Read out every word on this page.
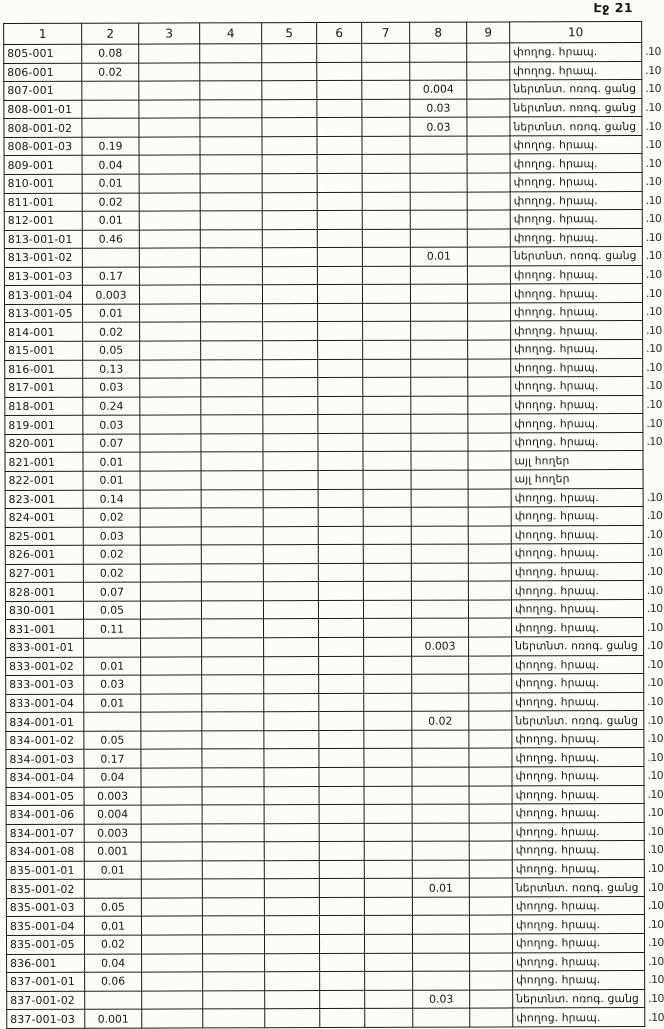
Էջ 21
1	2	3	4	5	6	7	8	9	10	
805-001	0.08								փողոց. հրապ.	.10
806-001	0.02								փողոց. հրապ.	.10
807-001							0.004		ներտնտ. ոռոգ. ցանց	.10
808-001-01							0.03		ներտնտ. ոռոգ. ցանց	.10
808-001-02							0.03		ներտնտ. ոռոգ. ցանց	.10
808-001-03	0.19								փողոց. հրապ.	.10
809-001	0.04								փողոց. հրապ.	.10
810-001	0.01								փողոց. հրապ.	.10
811-001	0.02								փողոց. հրապ.	.10
812-001	0.01								փողոց. հրապ.	.10
813-001-01	0.46								փողոց. հրապ.	.10
813-001-02							0.01		ներտնտ. ոռոգ. ցանց	.10
813-001-03	0.17								փողոց. հրապ.	.10
813-001-04	0.003								փողոց. հրապ.	.10
813-001-05	0.01								փողոց. հրապ.	.10
814-001	0.02								փողոց. հրապ.	.10
815-001	0.05								փողոց. հրապ.	.10
816-001	0.13								փողոց. հրապ.	.10
817-001	0.03								փողոց. հրապ.	.10
818-001	0.24								փողոց. հրապ.	.10
819-001	0.03								փողոց. հրապ.	.10
820-001	0.07								փողոց. հրապ.	.10
821-001	0.01								այլ հողեր	
822-001	0.01								այլ հողեր	
823-001	0.14								փողոց. հրապ.	.10
824-001	0.02								փողոց. հրապ.	.10
825-001	0.03								փողոց. հրապ.	.10
826-001	0.02								փողոց. հրապ.	.10
827-001	0.02								փողոց. հրապ.	.10
828-001	0.07								փողոց. հրապ.	.10
830-001	0.05								փողոց. հրապ.	.10
831-001	0.11								փողոց. հրապ.	.10
833-001-01							0.003		ներտնտ. ոռոգ. ցանց	.10
833-001-02	0.01								փողոց. հրապ.	.10
833-001-03	0.03								փողոց. հրապ.	.10
833-001-04	0.01								փողոց. հրապ.	.10
834-001-01							0.02		ներտնտ. ոռոգ. ցանց	.10
834-001-02	0.05								փողոց. հրապ.	.10
834-001-03	0.17								փողոց. հրապ.	.10
834-001-04	0.04								փողոց. հրապ.	.10
834-001-05	0.003								փողոց. հրապ.	.10
834-001-06	0.004								փողոց. հրապ.	.10
834-001-07	0.003								փողոց. հրապ.	.10
834-001-08	0.001								փողոց. հրապ.	.10
835-001-01	0.01								փողոց. հրապ.	.10
835-001-02							0.01		ներտնտ. ոռոգ. ցանց	.10
835-001-03	0.05								փողոց. հրապ.	.10
835-001-04	0.01								փողոց. հրապ.	.10
835-001-05	0.02								փողոց. հրապ.	.10
836-001	0.04								փողոց. հրապ.	.10
837-001-01	0.06								փողոց. հրապ.	.10
837-001-02							0.03		ներտնտ. ոռոգ. ցանց	.10
837-001-03	0.001								փողոց. հրապ.	.10
